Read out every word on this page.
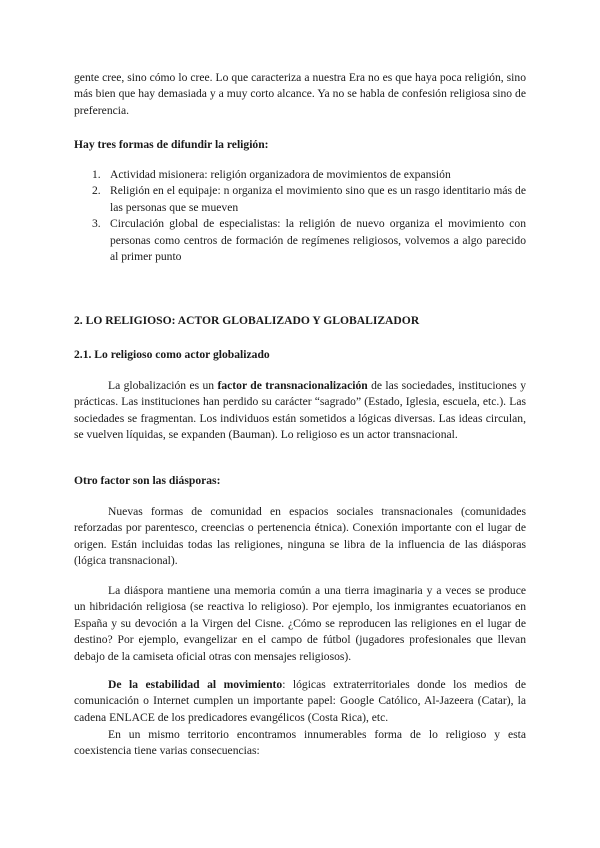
gente cree, sino cómo lo cree. Lo que caracteriza a nuestra Era no es que haya poca religión, sino más bien que hay demasiada y a muy corto alcance. Ya no se habla de confesión religiosa sino de preferencia.

Hay tres formas de difundir la religión:

1. Actividad misionera: religión organizadora de movimientos de expansión
2. Religión en el equipaje: n organiza el movimiento sino que es un rasgo identitario más de las personas que se mueven
3. Circulación global de especialistas: la religión de nuevo organiza el movimiento con personas como centros de formación de regímenes religiosos, volvemos a algo parecido al primer punto

2. LO RELIGIOSO: ACTOR GLOBALIZADO Y GLOBALIZADOR

2.1. Lo religioso como actor globalizado

La globalización es un factor de transnacionalización de las sociedades, instituciones y prácticas. Las instituciones han perdido su carácter “sagrado” (Estado, Iglesia, escuela, etc.). Las sociedades se fragmentan. Los individuos están sometidos a lógicas diversas. Las ideas circulan, se vuelven líquidas, se expanden (Bauman). Lo religioso es un actor transnacional.

Otro factor son las diásporas:

Nuevas formas de comunidad en espacios sociales transnacionales (comunidades reforzadas por parentesco, creencias o pertenencia étnica). Conexión importante con el lugar de origen. Están incluidas todas las religiones, ninguna se libra de la influencia de las diásporas (lógica transnacional).

La diáspora mantiene una memoria común a una tierra imaginaria y a veces se produce un hibridación religiosa (se reactiva lo religioso). Por ejemplo, los inmigrantes ecuatorianos en España y su devoción a la Virgen del Cisne. ¿Cómo se reproducen las religiones en el lugar de destino? Por ejemplo, evangelizar en el campo de fútbol (jugadores profesionales que llevan debajo de la camiseta oficial otras con mensajes religiosos).

De la estabilidad al movimiento: lógicas extraterritoriales donde los medios de comunicación o Internet cumplen un importante papel: Google Católico, Al-Jazeera (Catar), la cadena ENLACE de los predicadores evangélicos (Costa Rica), etc.

En un mismo territorio encontramos innumerables forma de lo religioso y esta coexistencia tiene varias consecuencias:
